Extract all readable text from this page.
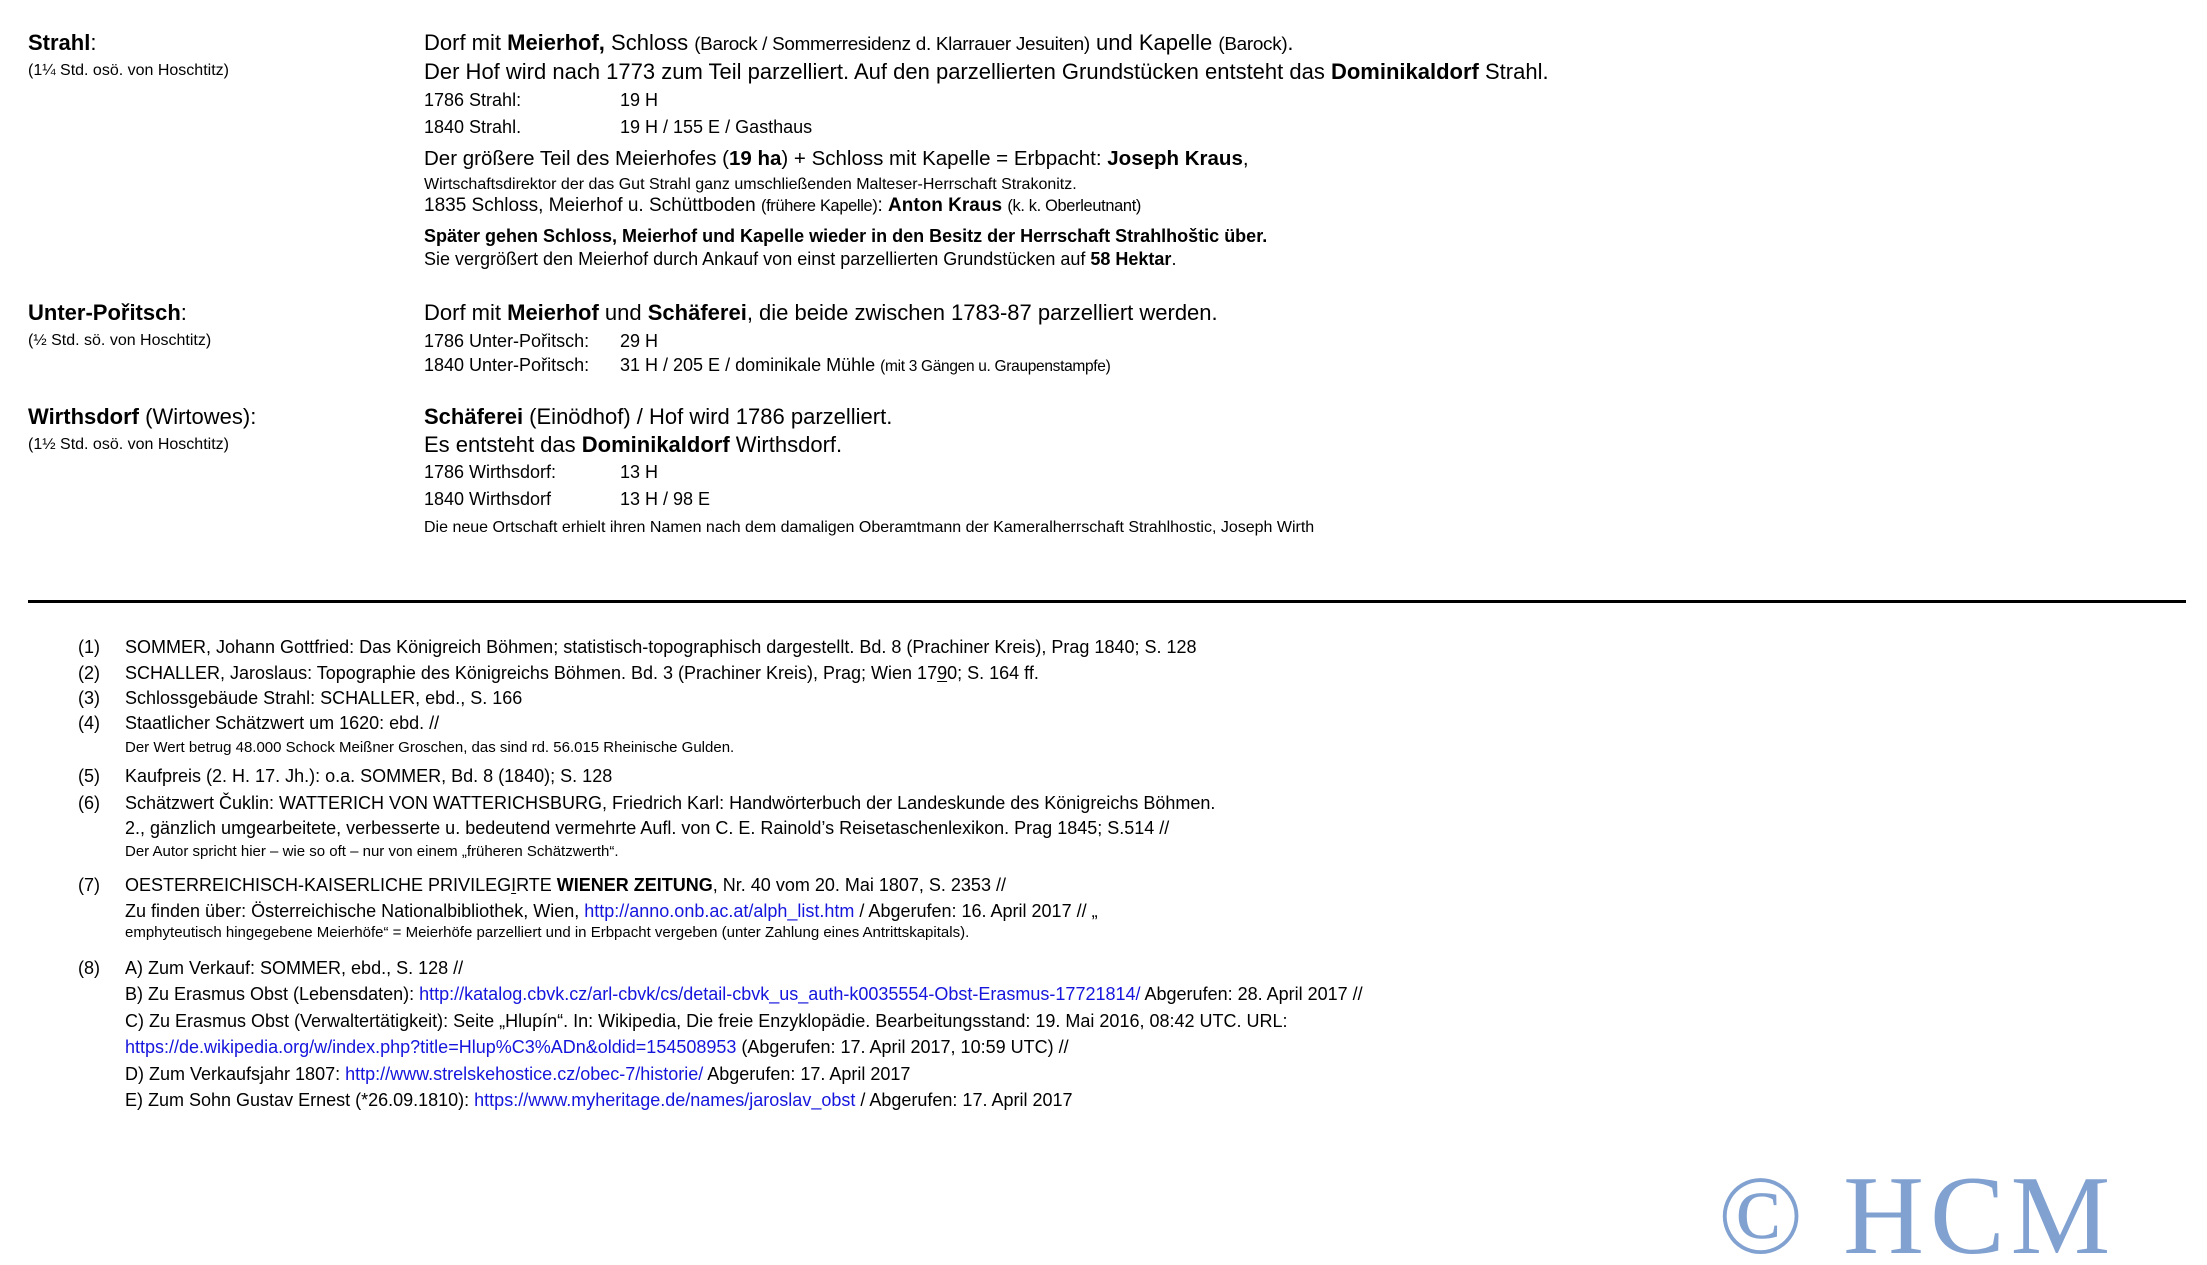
Strahl:
(1¼ Std. osö. von Hoschtitz)
Dorf mit Meierhof, Schloss (Barock / Sommerresidenz d. Klarrauer Jesuiten) und Kapelle (Barock).
Der Hof wird nach 1773 zum Teil parzelliert. Auf den parzellierten Grundstücken entsteht das Dominikaldorf Strahl.
1786 Strahl:	19 H
1840 Strahl.	19 H / 155 E / Gasthaus
Der größere Teil des Meierhofes (19 ha) + Schloss mit Kapelle = Erbpacht: Joseph Kraus,
Wirtschaftsdirektor der das Gut Strahl ganz umschließenden Malteser-Herrschaft Strakonitz.
1835 Schloss, Meierhof u. Schüttboden (frühere Kapelle): Anton Kraus (k. k. Oberleutnant)
Später gehen Schloss, Meierhof und Kapelle wieder in den Besitz der Herrschaft Strahlhoštic über.
Sie vergrößert den Meierhof durch Ankauf von einst parzellierten Grundstücken auf 58 Hektar.
Unter-Pořitsch:
(½ Std. sö. von Hoschtitz)
Dorf mit Meierhof und Schäferei, die beide zwischen 1783-87 parzelliert werden.
1786 Unter-Pořitsch: 29 H
1840 Unter-Pořitsch: 31 H / 205 E / dominikale Mühle (mit 3 Gängen u. Graupenstampfe)
Wirthsdorf (Wirtowes):
(1½ Std. osö. von Hoschtitz)
Schäferei (Einödhof) / Hof wird 1786 parzelliert.
Es entsteht das Dominikaldorf Wirthsdorf.
1786 Wirthsdorf:	13 H
1840 Wirthsdorf	13 H / 98 E
Die neue Ortschaft erhielt ihren Namen nach dem damaligen Oberamtmann der Kameralherrschaft Strahlhostic, Joseph Wirth
(1) SOMMER, Johann Gottfried: Das Königreich Böhmen; statistisch-topographisch dargestellt. Bd. 8 (Prachiner Kreis), Prag 1840; S. 128
(2) SCHALLER, Jaroslaus: Topographie des Königreichs Böhmen. Bd. 3 (Prachiner Kreis), Prag; Wien 1790; S. 164 ff.
(3) Schlossgebäude Strahl: SCHALLER, ebd., S. 166
(4) Staatlicher Schätzwert um 1620: ebd. //
Der Wert betrug 48.000 Schock Meißner Groschen, das sind rd. 56.015 Rheinische Gulden.
(5) Kaufpreis (2. H. 17. Jh.): o.a. SOMMER, Bd. 8 (1840); S. 128
(6) Schätzwert Čuklin: WATTERICH VON WATTERICHSBURG, Friedrich Karl: Handwörterbuch der Landeskunde des Königreichs Böhmen.
2., gänzlich umgearbeitete, verbesserte u. bedeutend vermehrte Aufl. von C. E. Rainold’s Reisetaschenlexikon. Prag 1845; S.514 //
Der Autor spricht hier – wie so oft – nur von einem „früheren Schätzwerth“.
(7) OESTERREICHISCH-KAISERLICHE PRIVILEGIRTE WIENER ZEITUNG, Nr. 40 vom 20. Mai 1807, S. 2353 //
Zu finden über: Österreichische Nationalbibliothek, Wien, http://anno.onb.ac.at/alph_list.htm / Abgerufen: 16. April 2017 // „
emphyteutisch hingegebene Meierhöfe“ = Meierhöfe parzelliert und in Erbpacht vergeben (unter Zahlung eines Antrittskapitals).
(8) A) Zum Verkauf: SOMMER, ebd., S. 128 //
B) Zu Erasmus Obst (Lebensdaten): http://katalog.cbvk.cz/arl-cbvk/cs/detail-cbvk_us_auth-k0035554-Obst-Erasmus-17721814/ Abgerufen: 28. April 2017 //
C) Zu Erasmus Obst (Verwaltertätigkeit): Seite „Hlupín“. In: Wikipedia, Die freie Enzyklopädie. Bearbeitungsstand: 19. Mai 2016, 08:42 UTC. URL:
https://de.wikipedia.org/w/index.php?title=Hlup%C3%ADn&oldid=154508953 (Abgerufen: 17. April 2017, 10:59 UTC) //
D) Zum Verkaufsjahr 1807: http://www.strelskehostice.cz/obec-7/historie/ Abgerufen: 17. April 2017
E) Zum Sohn Gustav Ernest (*26.09.1810): https://www.myheritage.de/names/jaroslav_obst / Abgerufen: 17. April 2017
© HCM
